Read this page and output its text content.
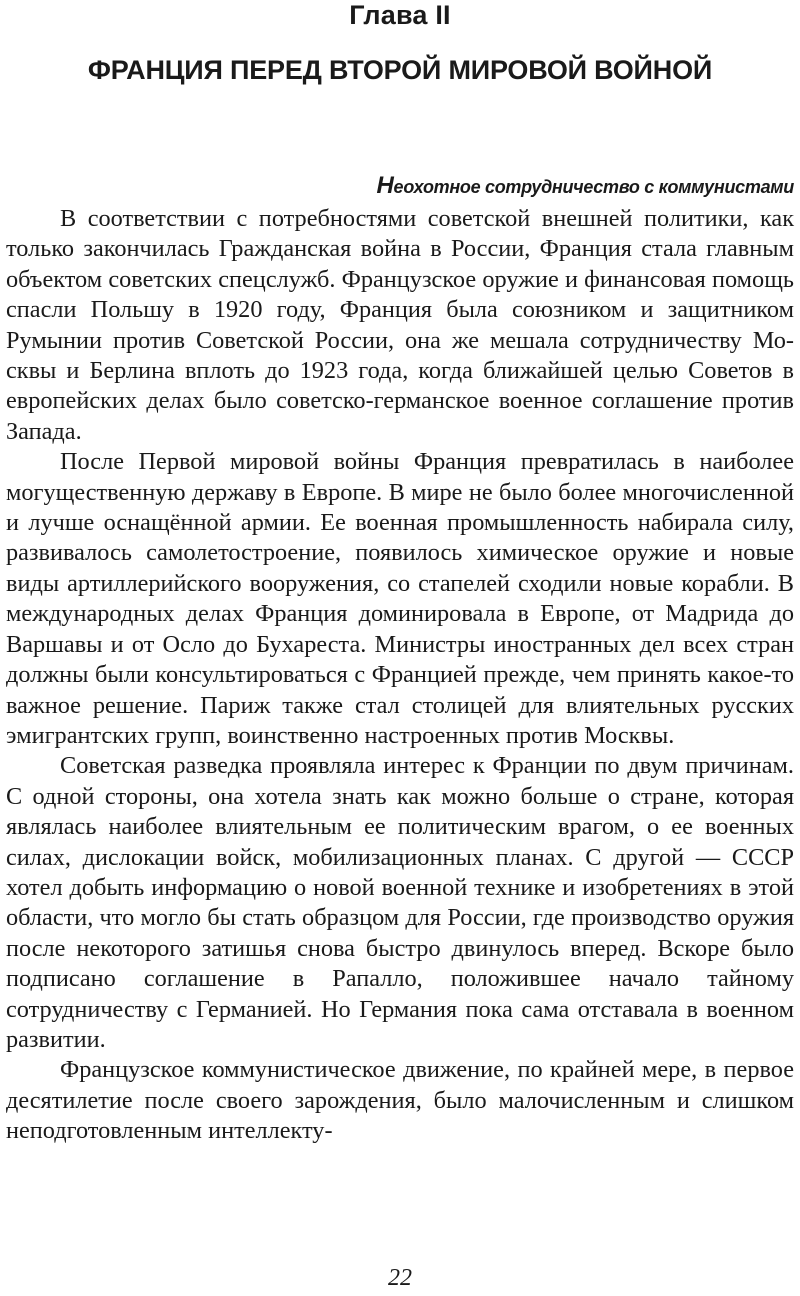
Глава II
ФРАНЦИЯ ПЕРЕД ВТОРОЙ МИРОВОЙ ВОЙНОЙ
Неохотное сотрудничество с коммунистами

В соответствии с потребностями советской внешней политики, как только закончилась Гражданская война в России, Франция стала главным объектом советских спецслужб. Французское оружие и финансовая помощь спасли Польшу в 1920 году, Франция была союзником и защитником Румынии против Советской России, она же мешала сотрудничеству Москвы и Берлина вплоть до 1923 года, когда ближайшей целью Советов в европейских делах было советско-германское военное соглашение против Запада.

После Первой мировой войны Франция превратилась в наиболее могущественную державу в Европе. В мире не было более многочисленной и лучше оснащённой армии. Ее военная промышленность набирала силу, развивалось самолетостроение, появилось химическое оружие и новые виды артиллерийского вооружения, со стапелей сходили новые корабли. В международных делах Франция доминировала в Европе, от Мадрида до Варшавы и от Осло до Бухареста. Министры иностранных дел всех стран должны были консультироваться с Францией прежде, чем принять какое-то важное решение. Париж также стал столицей для влиятельных русских эмигрантских групп, воинственно настроенных против Москвы.

Советская разведка проявляла интерес к Франции по двум причинам. С одной стороны, она хотела знать как можно больше о стране, которая являлась наиболее влиятельным ее политическим врагом, о ее военных силах, дислокации войск, мобилизационных планах. С другой — СССР хотел добыть информацию о новой военной технике и изобретениях в этой области, что могло бы стать образцом для России, где производство оружия после некоторого затишья снова быстро двинулось вперед. Вскоре было подписано соглашение в Рапалло, положившее начало тайному сотрудничеству с Германией. Но Германия пока сама отставала в военном развитии.

Французское коммунистическое движение, по крайней мере, в первое десятилетие после своего зарождения, было малочисленным и слишком неподготовленным интеллекту-

22
